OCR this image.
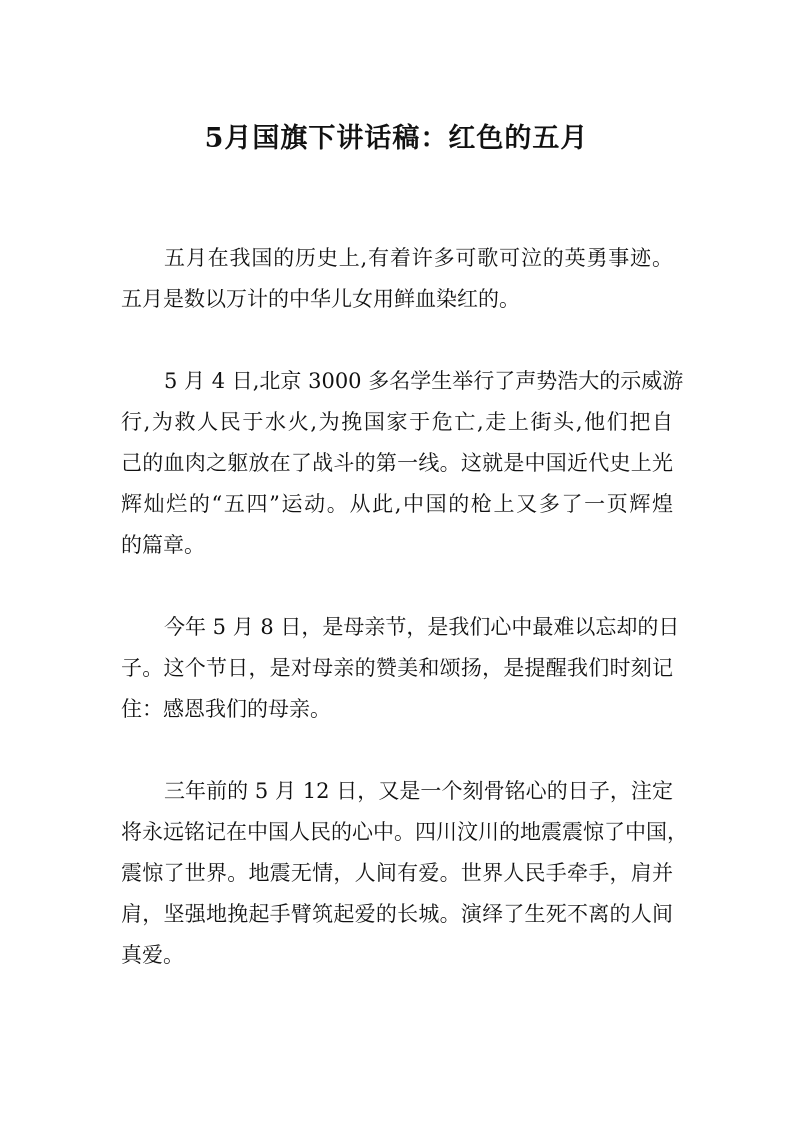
5月国旗下讲话稿：红色的五月
五月在我国的历史上,有着许多可歌可泣的英勇事迹。
五月是数以万计的中华儿女用鲜血染红的。
5 月 4 日,北京 3000 多名学生举行了声势浩大的示威游
行,为救人民于水火,为挽国家于危亡,走上街头,他们把自
己的血肉之躯放在了战斗的第一线。这就是中国近代史上光
辉灿烂的“五四”运动。从此,中国的枪上又多了一页辉煌
的篇章。
今年 5 月 8 日，是母亲节，是我们心中最难以忘却的日
子。这个节日，是对母亲的赞美和颂扬，是提醒我们时刻记
住：感恩我们的母亲。
三年前的 5 月 12 日，又是一个刻骨铭心的日子，注定
将永远铭记在中国人民的心中。四川汶川的地震震惊了中国，
震惊了世界。地震无情，人间有爱。世界人民手牵手，肩并
肩，坚强地挽起手臂筑起爱的长城。演绎了生死不离的人间
真爱。
